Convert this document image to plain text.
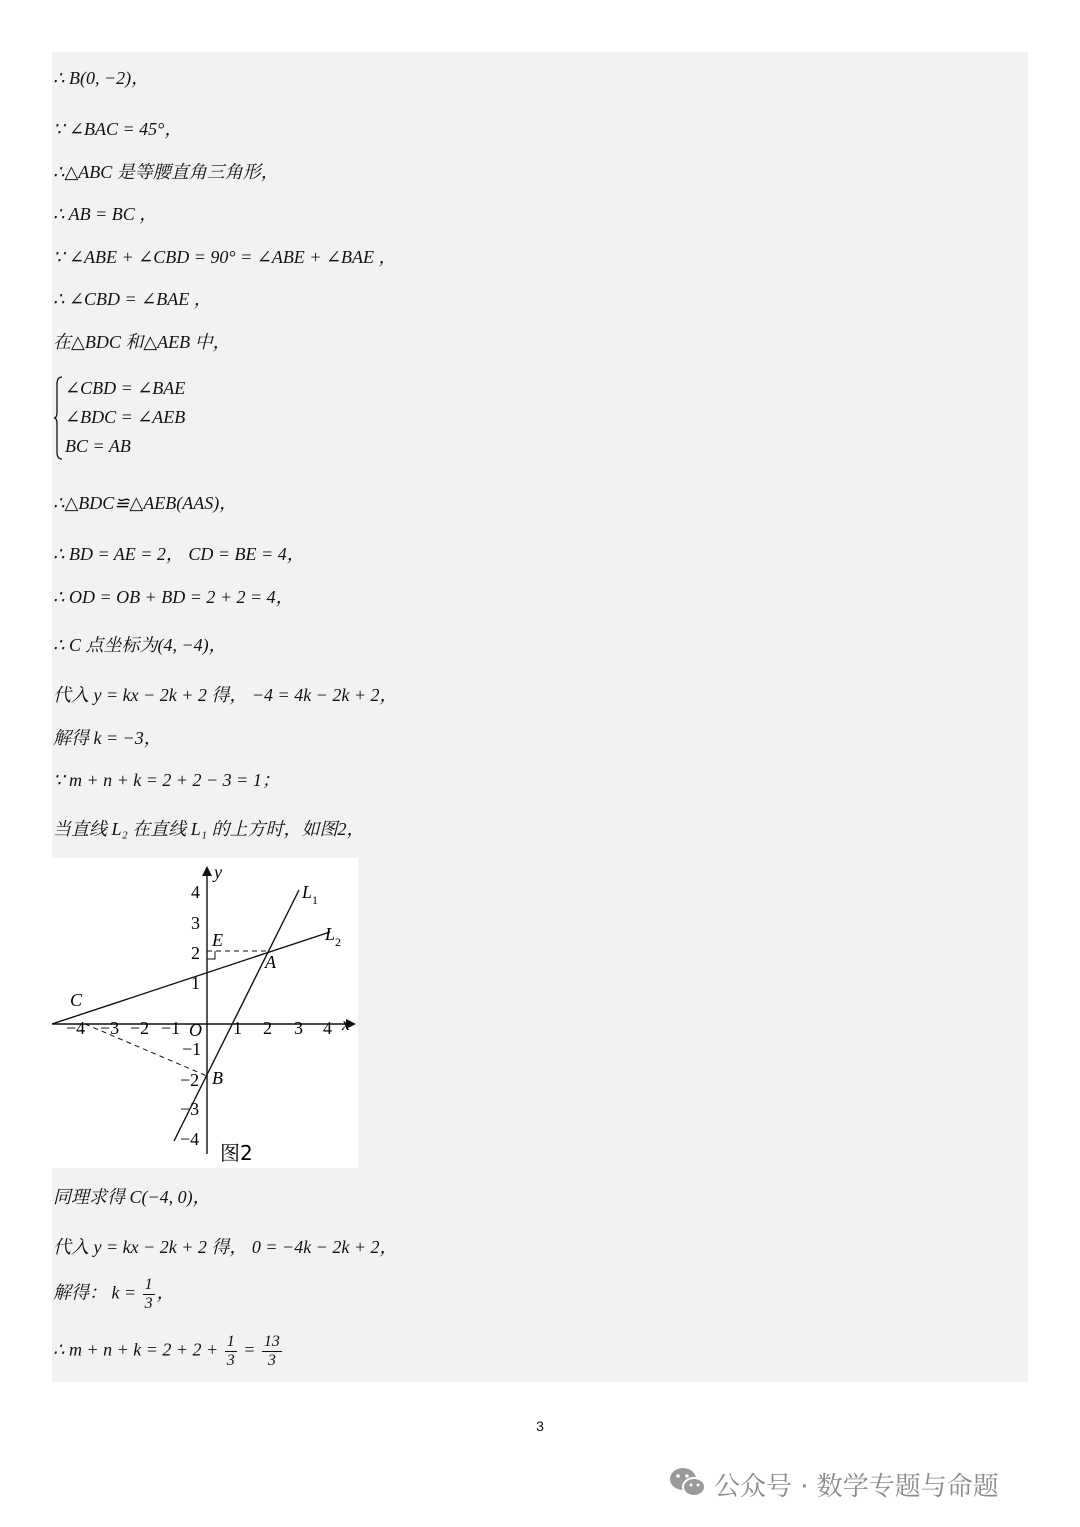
∴ B(0, −2)，
∵ ∠BAC = 45°，
∴△ABC 是等腰直角三角形，
∴ AB = BC ，
∵ ∠ABE + ∠CBD = 90° = ∠ABE + ∠BAE ，
∴ ∠CBD = ∠BAE ，
在△BDC 和△AEB 中，
∠CBD = ∠BAE
∠BDC = ∠AEB
BC = AB
∴△BDC≌△AEB(AAS)，
∴ BD = AE = 2， CD = BE = 4，
∴ OD = OB + BD = 2 + 2 = 4，
∴ C 点坐标为(4, −4)，
代入 y = kx − 2k + 2 得， −4 = 4k − 2k + 2，
解得 k = −3，
∵ m + n + k = 2 + 2 − 3 = 1；
当直线 L₂ 在直线 L₁ 的上方时，如图2，
−4 −3 −2 −1	1 2 3 4
4
3
2
1
−1
−2
−3
−4
y
x
O
C
E
A
B
$L_1$
$L_2$
图2
同理求得 C(−4, 0)，
代入 y = kx − 2k + 2 得， 0 = −4k − 2k + 2，
解得： $k = \frac{1}{3}$ ，
∴ $m + n + k = 2 + 2 + \frac{1}{3} = \frac{13}{3}$
3
公众号 · 数学专题与命题
